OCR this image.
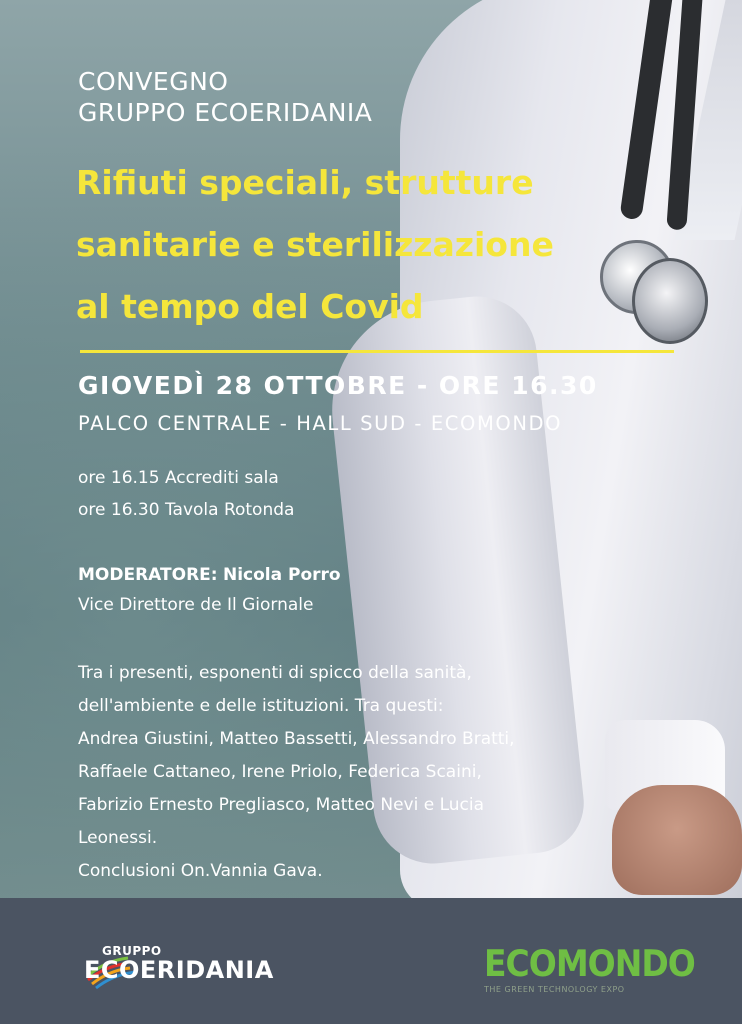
CONVEGNO
GRUPPO ECOERIDANIA
Rifiuti speciali, strutture
sanitarie e sterilizzazione
al tempo del Covid
GIOVEDÌ 28 OTTOBRE - ORE 16.30
PALCO CENTRALE - HALL SUD - ECOMONDO
ore 16.15 Accrediti sala
ore 16.30 Tavola Rotonda
MODERATORE: Nicola Porro
Vice Direttore de Il Giornale
Tra i presenti, esponenti di spicco della sanità,
dell'ambiente e delle istituzioni. Tra questi:
Andrea Giustini, Matteo Bassetti, Alessandro Bratti,
Raffaele Cattaneo, Irene Priolo, Federica Scaini,
Fabrizio Ernesto Pregliasco, Matteo Nevi e Lucia
Leonessi.
Conclusioni On.Vannia Gava.
GRUPPO
ECOERIDANIA	ECOMONDO
THE GREEN TECHNOLOGY EXPO
